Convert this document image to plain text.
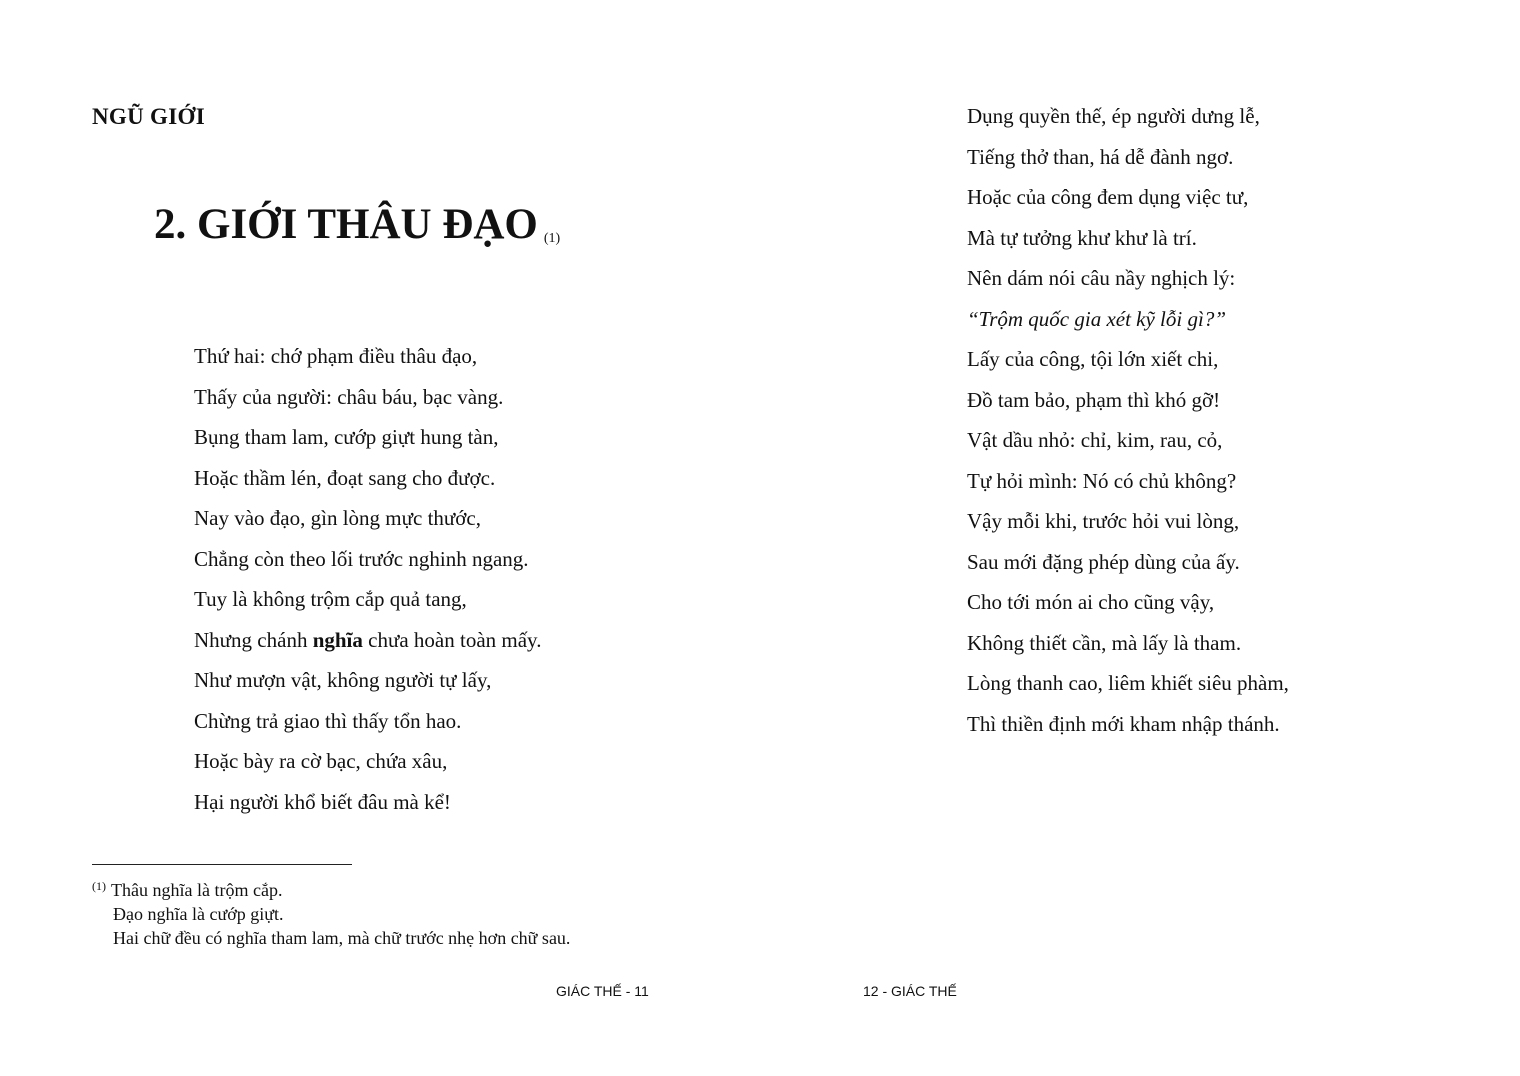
NGŨ GIỚI
2. GIỚI THÂU ĐẠO (1)
Thứ hai: chớ phạm điều thâu đạo,
Thấy của người: châu báu, bạc vàng.
Bụng tham lam, cướp giựt hung tàn,
Hoặc thầm lén, đoạt sang cho được.
Nay vào đạo, gìn lòng mực thước,
Chẳng còn theo lối trước nghinh ngang.
Tuy là không trộm cắp quả tang,
Nhưng chánh nghĩa chưa hoàn toàn mấy.
Như mượn vật, không người tự lấy,
Chừng trả giao thì thấy tổn hao.
Hoặc bày ra cờ bạc, chứa xâu,
Hại người khổ biết đâu mà kể!
$^{(1)}$ Thâu nghĩa là trộm cắp.
Đạo nghĩa là cướp giựt.
Hai chữ đều có nghĩa tham lam, mà chữ trước nhẹ hơn chữ sau.
GIÁC THẾ - 11
Dụng quyền thế, ép người dưng lễ,
Tiếng thở than, há dễ đành ngơ.
Hoặc của công đem dụng việc tư,
Mà tự tưởng khư khư là trí.
Nên dám nói câu nầy nghịch lý:
“Trộm quốc gia xét kỹ lỗi gì?”
Lấy của công, tội lớn xiết chi,
Đồ tam bảo, phạm thì khó gỡ!
Vật dầu nhỏ: chỉ, kim, rau, cỏ,
Tự hỏi mình: Nó có chủ không?
Vậy mỗi khi, trước hỏi vui lòng,
Sau mới đặng phép dùng của ấy.
Cho tới món ai cho cũng vậy,
Không thiết cần, mà lấy là tham.
Lòng thanh cao, liêm khiết siêu phàm,
Thì thiền định mới kham nhập thánh.
12 - GIÁC THẾ
